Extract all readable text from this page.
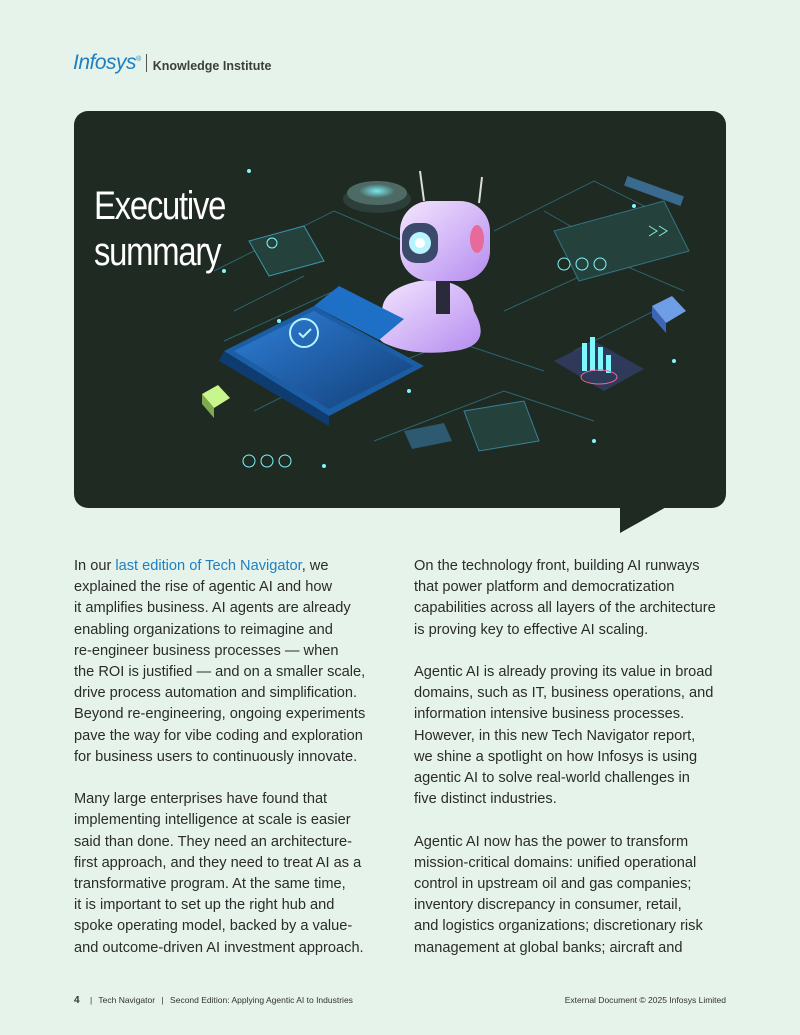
Infosys® Knowledge Institute
Executive
summary

In our last edition of Tech Navigator, we
explained the rise of agentic AI and how
it amplifies business. AI agents are already
enabling organizations to reimagine and
re-engineer business processes — when
the ROI is justified — and on a smaller scale,
drive process automation and simplification.
Beyond re-engineering, ongoing experiments
pave the way for vibe coding and exploration
for business users to continuously innovate.

Many large enterprises have found that
implementing intelligence at scale is easier
said than done. They need an architecture-
first approach, and they need to treat AI as a
transformative program. At the same time,
it is important to set up the right hub and
spoke operating model, backed by a value-
and outcome-driven AI investment approach.

On the technology front, building AI runways
that power platform and democratization
capabilities across all layers of the architecture
is proving key to effective AI scaling.

Agentic AI is already proving its value in broad
domains, such as IT, business operations, and
information intensive business processes.
However, in this new Tech Navigator report,
we shine a spotlight on how Infosys is using
agentic AI to solve real-world challenges in
five distinct industries.

Agentic AI now has the power to transform
mission-critical domains: unified operational
control in upstream oil and gas companies;
inventory discrepancy in consumer, retail,
and logistics organizations; discretionary risk
management at global banks; aircraft and

4 | Tech Navigator | Second Edition: Applying Agentic AI to Industries	External Document © 2025 Infosys Limited
